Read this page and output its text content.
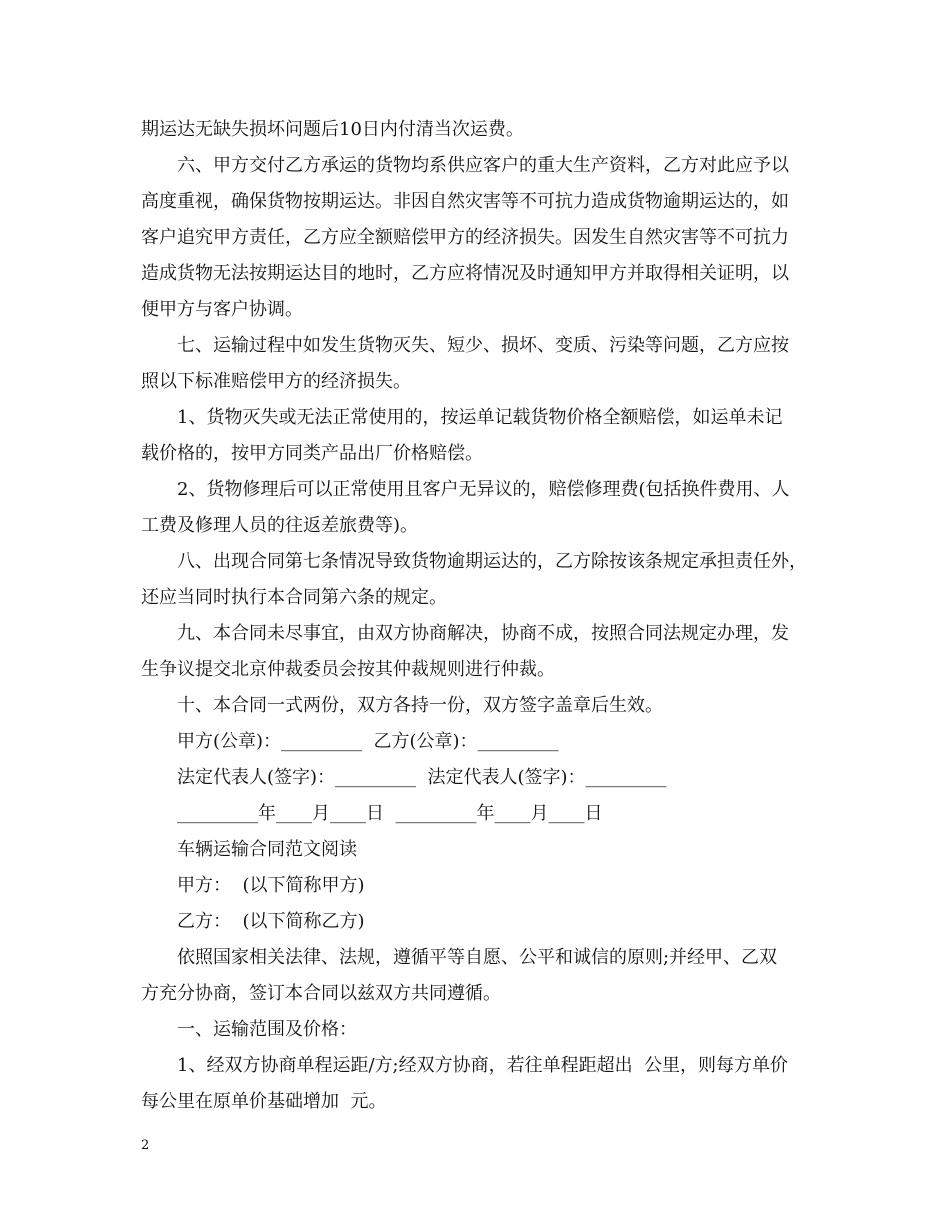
期运达无缺失损坏问题后10日内付清当次运费。
六、甲方交付乙方承运的货物均系供应客户的重大生产资料，乙方对此应予以
高度重视，确保货物按期运达。非因自然灾害等不可抗力造成货物逾期运达的，如
客户追究甲方责任，乙方应全额赔偿甲方的经济损失。因发生自然灾害等不可抗力
造成货物无法按期运达目的地时，乙方应将情况及时通知甲方并取得相关证明，以
便甲方与客户协调。
七、运输过程中如发生货物灭失、短少、损坏、变质、污染等问题，乙方应按
照以下标准赔偿甲方的经济损失。
1、货物灭失或无法正常使用的，按运单记载货物价格全额赔偿，如运单未记
载价格的，按甲方同类产品出厂价格赔偿。
2、货物修理后可以正常使用且客户无异议的，赔偿修理费(包括换件费用、人
工费及修理人员的往返差旅费等)。
八、出现合同第七条情况导致货物逾期运达的，乙方除按该条规定承担责任外，
还应当同时执行本合同第六条的规定。
九、本合同未尽事宜，由双方协商解决，协商不成，按照合同法规定办理，发
生争议提交北京仲裁委员会按其仲裁规则进行仲裁。
十、本合同一式两份，双方各持一份，双方签字盖章后生效。
甲方(公章)：_________  乙方(公章)：_________
法定代表人(签字)：_________  法定代表人(签字)：_________
_________年____月____日  _________年____月____日
车辆运输合同范文阅读
甲方：  (以下简称甲方)
乙方：  (以下简称乙方)
依照国家相关法律、法规，遵循平等自愿、公平和诚信的原则;并经甲、乙双
方充分协商，签订本合同以兹双方共同遵循。
一、运输范围及价格：
1、经双方协商单程运距/方;经双方协商，若往单程距超出  公里，则每方单价
每公里在原单价基础增加  元。
2
